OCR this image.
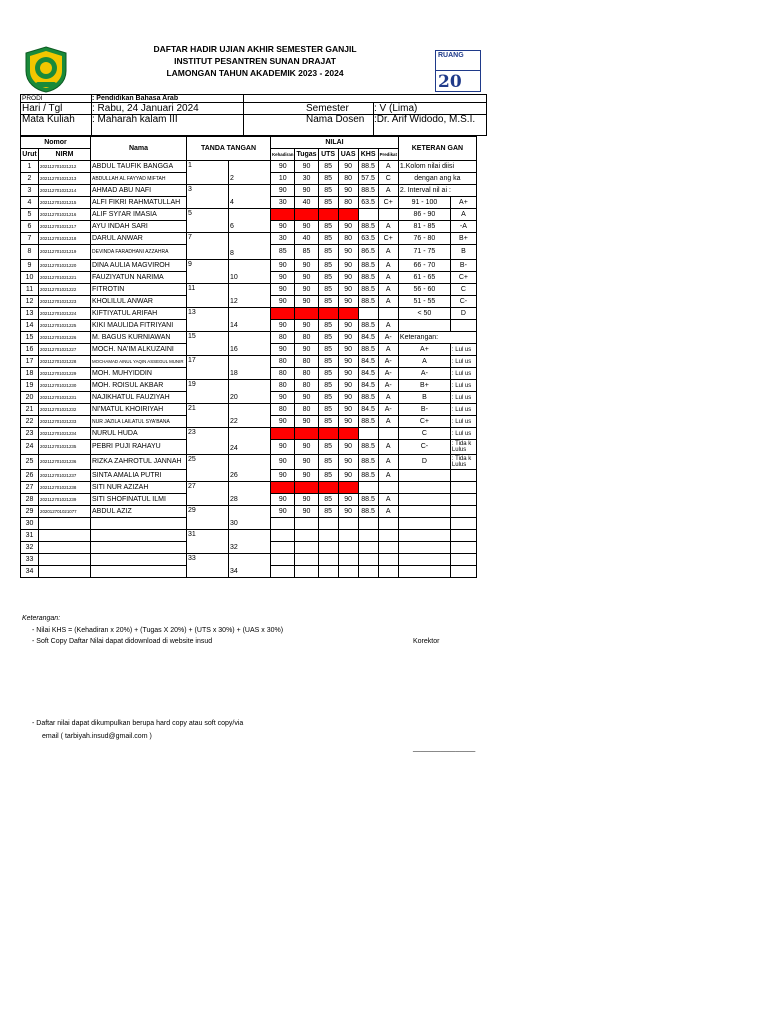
DAFTAR HADIR UJIAN AKHIR SEMESTER GANJIL
INSTITUT PESANTREN SUNAN DRAJAT
LAMONGAN TAHUN AKADEMIK 2023 - 2024
RUANG
20
PRODI	: Pendidikan Bahasa Arab
Hari / Tgl	: Rabu, 24 Januari 2024	Semester	: V (Lima)
Mata Kuliah	: Maharah kalam III	Nama Dosen :Dr. Arif Widodo, M.S.I.
Nomor		Nama	TANDA TANGAN		NILAI						KETERAN GAN	
Urut	NIRM				Kehadiran	Tugas	UTS	UAS	KHS	Predikat		
1	202112701021212	ABDUL TAUFIK BANGGA	1		90	90	85	90	88.5	A	1.Kolom nilai diisi	
2	202112701021213	ABDULLAH AL FAYYAD MIFTAH		2	10	30	85	80	57.5	C	dengan ang ka	
3	202112701021214	AHMAD ABU NAFI	3		90	90	85	90	88.5	A	2. Interval nil ai :	
4	202112701021215	ALFI FIKRI RAHMATULLAH		4	30	40	85	80	63.5	C+	91 - 100	A+
5	202112701021216	ALIF SYI'AR IMASIA	5								86 - 90	A
6	202112701021217	AYU INDAH SARI		6	90	90	85	90	88.5	A	81 - 85	-A
7	202112701021218	DARUL ANWAR	7		30	40	85	80	63.5	C+	76 - 80	B+
8	202112701021219	DEVINDA FARADHANI AZZAHRA		8	85	85	85	90	86.5	A	71 - 75	B
9	202112701021220	DINA AULIA MAGVIROH	9		90	90	85	90	88.5	A	66 - 70	B-
10	202112701021221	FAUZIYATUN NARIMA		10	90	90	85	90	88.5	A	61 - 65	C+
11	202112701021222	FITROTIN	11		90	90	85	90	88.5	A	56 - 60	C
12	202112701021223	KHOLILUL ANWAR		12	90	90	85	90	88.5	A	51 - 55	C-
13	202112701021224	KIFTIYATUL ARIFAH	13								< 50	D
14	202112701021225	KIKI MAULIDA FITRIYANI		14	90	90	85	90	88.5	A		
15	202112701021226	M. BAGUS KURNIAWAN	15		80	80	85	90	84.5	A-	Keterangan:	
16	202112701021227	MOCH. NA'IM ALKUZAINI		16	90	90	85	90	88.5	A	A+	: Lul us
17	202112701021228	MOCHAMAD AINUL YAQIN ASSEGUL MUNIR	17		80	80	85	90	84.5	A-	A	: Lul us
18	202112701021229	MOH. MUHYIDDIN		18	80	80	85	90	84.5	A-	A-	: Lul us
19	202112701021230	MOH. ROISUL AKBAR	19		80	80	85	90	84.5	A-	B+	: Lul us
20	202112701021231	NAJIKHATUL FAUZIYAH		20	90	90	85	90	88.5	A	B	: Lul us
21	202112701021232	NI'MATUL KHOIRIYAH	21		80	80	85	90	84.5	A-	B-	: Lul us
22	202112701021233	NUR JAZILA LAILATUL SYA'BANA		22	90	90	85	90	88.5	A	C+	: Lul us
23	202112701021234	NURUL HUDA	23								C	: Lul us
24	202112701021235	PEBRI PUJI RAHAYU		24	90	90	85	90	88.5	A	C-	: Tida k Lulus
25	202112701021236	RIZKA ZAHROTUL JANNAH	25		90	90	85	90	88.5	A	D	: Tida k Lulus
26	202112701021237	SINTA AMALIA PUTRI		26	90	90	85	90	88.5	A		
27	202112701021238	SITI NUR AZIZAH	27									
28	202112701021239	SITI SHOFINATUL ILMI		28	90	90	85	90	88.5	A		
29	202012701021077	ABDUL AZIZ	29		90	90	85	90	88.5	A		
30				30								
31			31									
32				32								
33			33									
34				34								
Keterangan:
- Nilai KHS = (Kehadiran x 20%) + (Tugas X 20%) + (UTS x 30%) + (UAS x 30%)
- Soft Copy Daftar Nilai dapat didownload di website insud	Korektor
- Daftar nilai dapat dikumpulkan berupa hard copy atau soft copy/via
email ( tarbiyah.insud@gmail.com )
________________
